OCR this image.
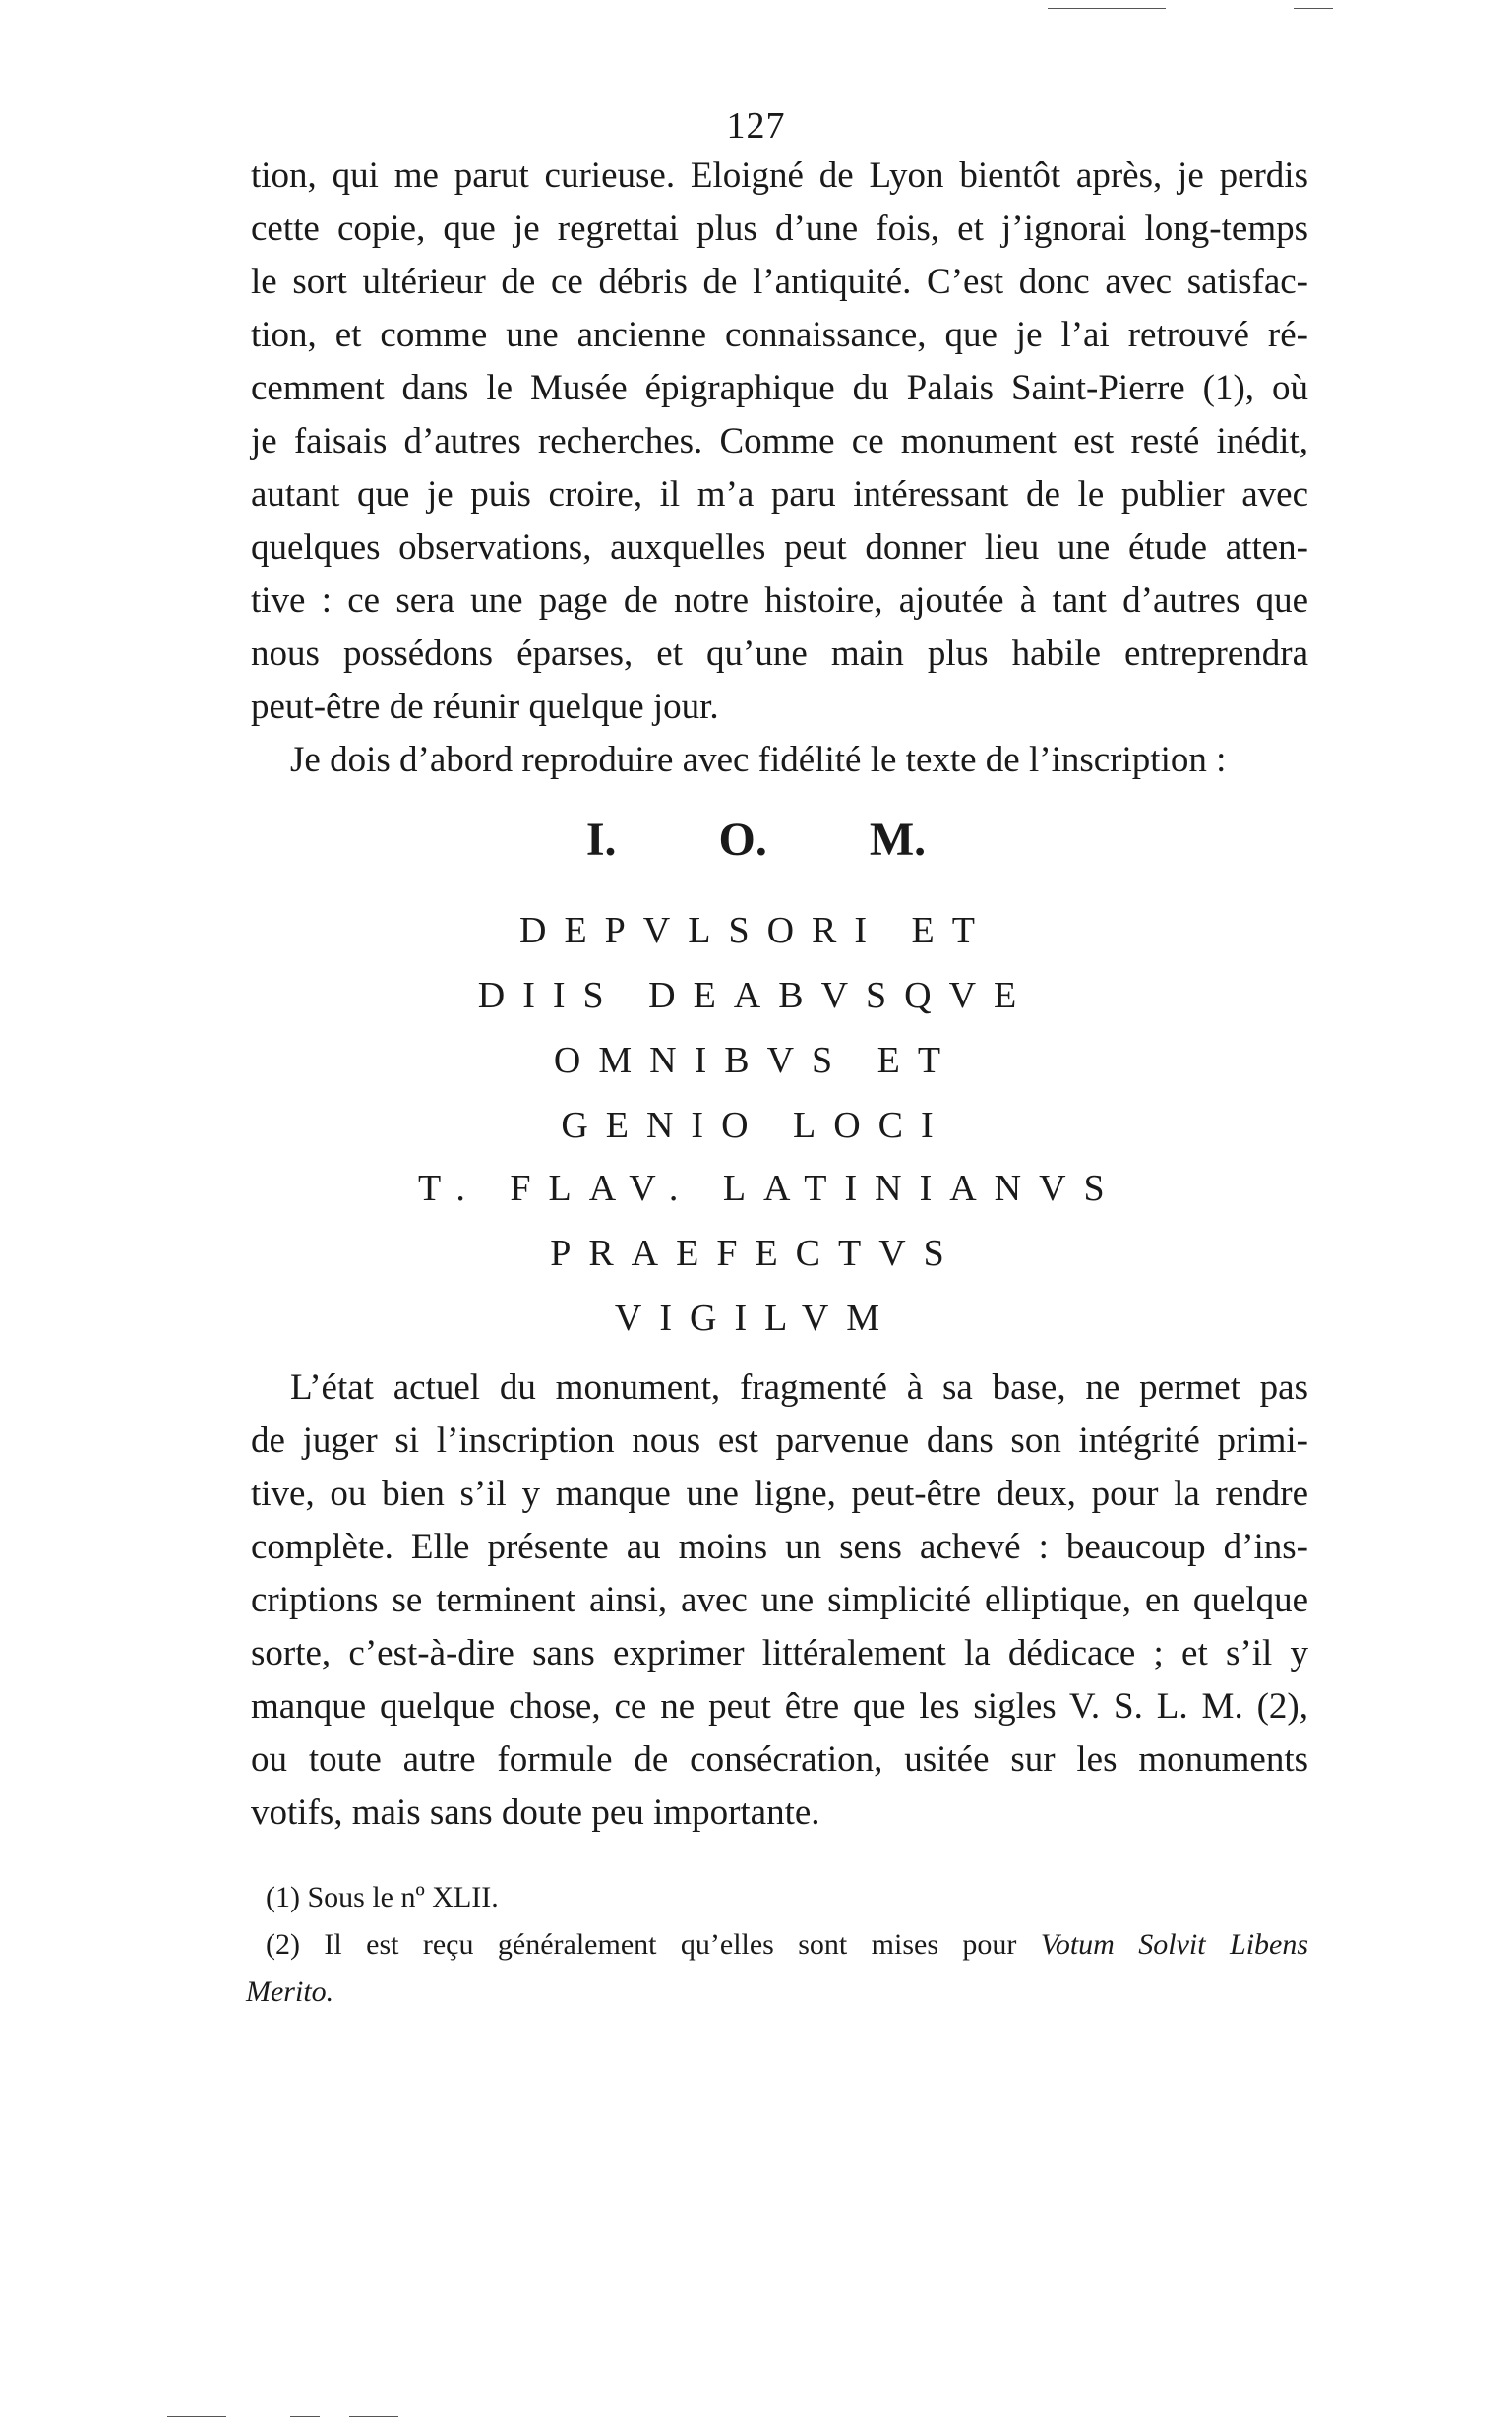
127
tion, qui me parut curieuse. Eloigné de Lyon bientôt après, je perdis
cette copie, que je regrettai plus d’une fois, et j’ignorai long-temps
le sort ultérieur de ce débris de l’antiquité. C’est donc avec satisfac-
tion, et comme une ancienne connaissance, que je l’ai retrouvé ré-
cemment dans le Musée épigraphique du Palais Saint-Pierre (1), où
je faisais d’autres recherches. Comme ce monument est resté inédit,
autant que je puis croire, il m’a paru intéressant de le publier avec
quelques observations, auxquelles peut donner lieu une étude atten-
tive : ce sera une page de notre histoire, ajoutée à tant d’autres que
nous possédons éparses, et qu’une main plus habile entreprendra
peut-être de réunir quelque jour.
Je dois d’abord reproduire avec fidélité le texte de l’inscription :
I. O. M.
DEPVLSORI ET
DIIS DEABVSQVE
OMNIBVS ET
GENIO LOCI
T. FLAV. LATINIANVS
PRAEFECTVS
VIGILVM
L’état actuel du monument, fragmenté à sa base, ne permet pas
de juger si l’inscription nous est parvenue dans son intégrité primi-
tive, ou bien s’il y manque une ligne, peut-être deux, pour la rendre
complète. Elle présente au moins un sens achevé : beaucoup d’ins-
criptions se terminent ainsi, avec une simplicité elliptique, en quelque
sorte, c’est-à-dire sans exprimer littéralement la dédicace ; et s’il y
manque quelque chose, ce ne peut être que les sigles V. S. L. M. (2),
ou toute autre formule de consécration, usitée sur les monuments
votifs, mais sans doute peu importante.
(1) Sous le nº XLII.
(2) Il est reçu généralement qu’elles sont mises pour Votum Solvit Libens
Merito.
